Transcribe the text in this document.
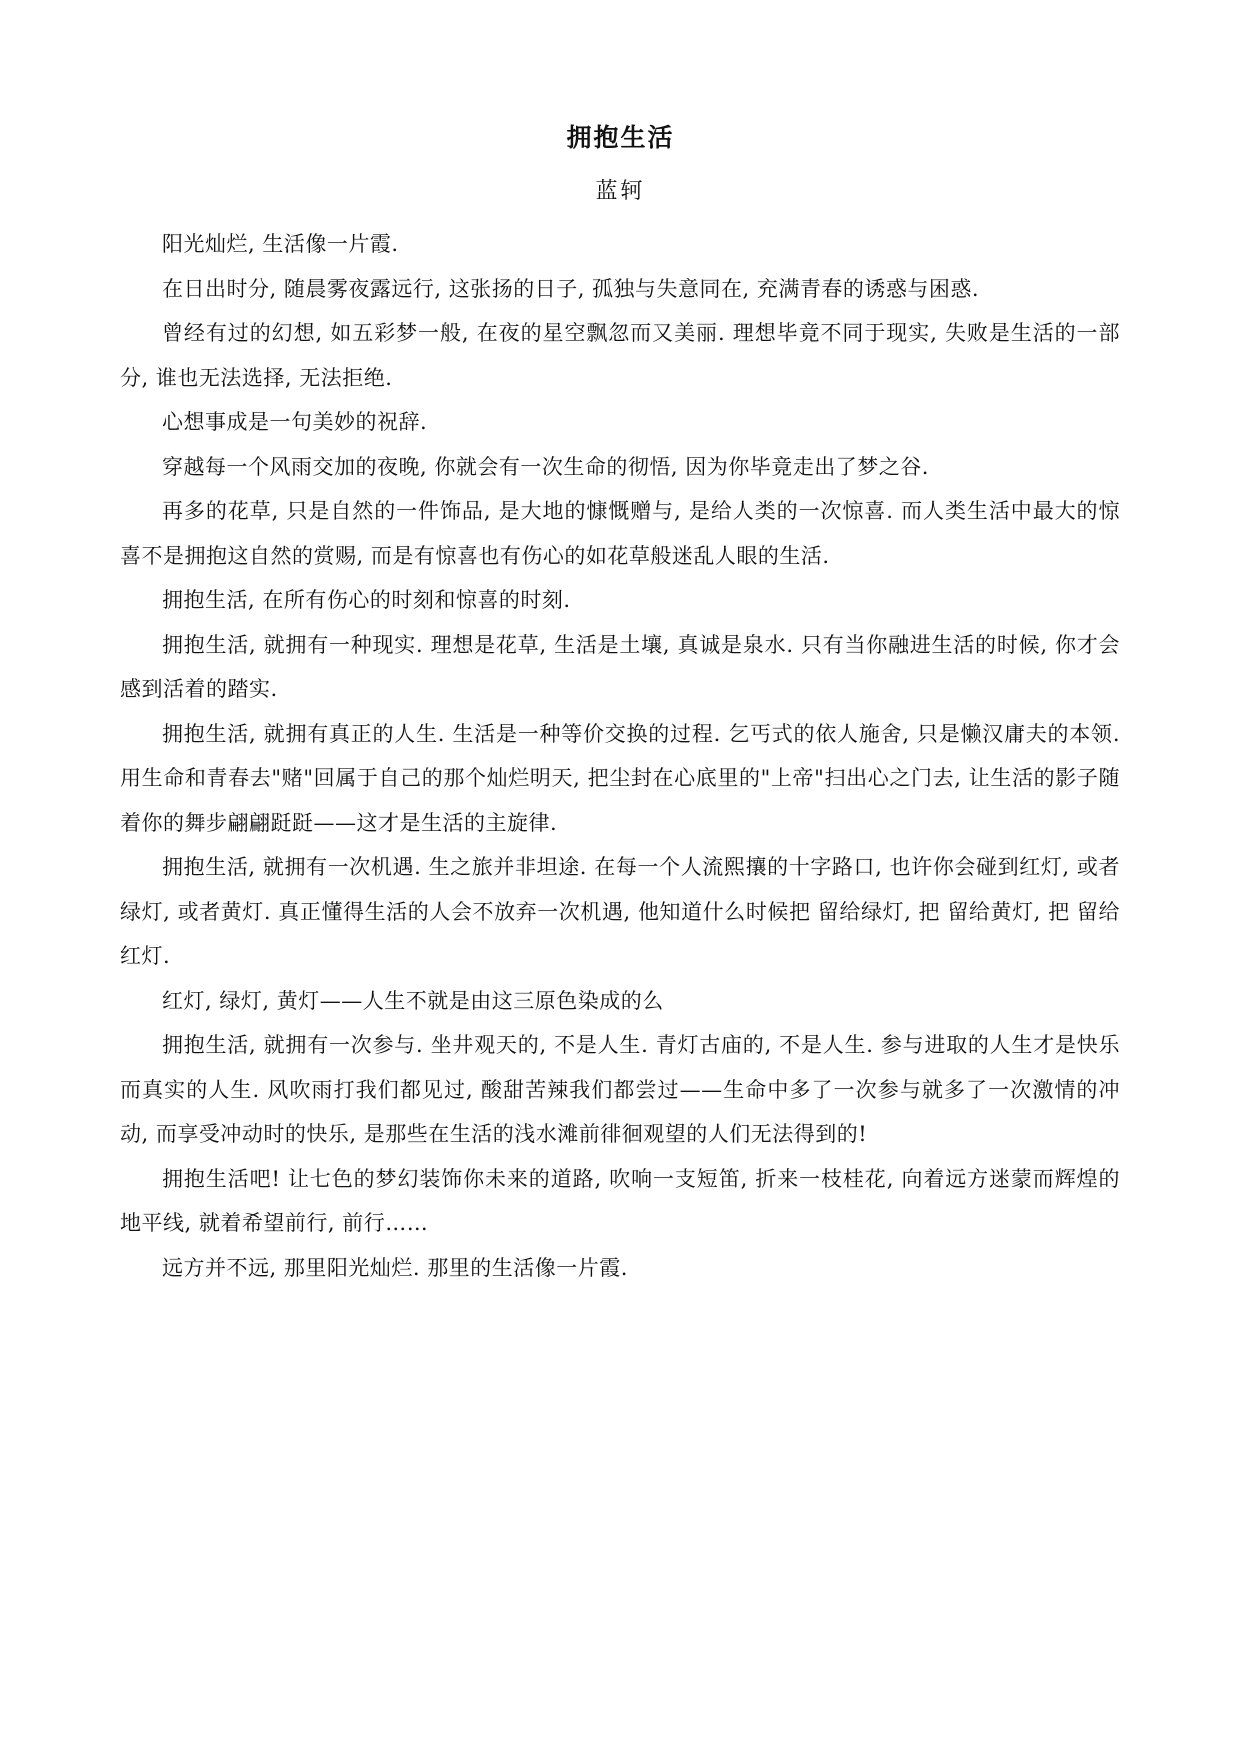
拥抱生活
蓝轲

阳光灿烂, 生活像一片霞.

在日出时分, 随晨雾夜露远行, 这张扬的日子, 孤独与失意同在, 充满青春的诱惑与困惑.

曾经有过的幻想, 如五彩梦一般, 在夜的星空飘忽而又美丽. 理想毕竟不同于现实, 失败是生活的一部分, 谁也无法选择, 无法拒绝.

心想事成是一句美妙的祝辞.

穿越每一个风雨交加的夜晚, 你就会有一次生命的彻悟, 因为你毕竟走出了梦之谷.

再多的花草, 只是自然的一件饰品, 是大地的慷慨赠与, 是给人类的一次惊喜. 而人类生活中最大的惊喜不是拥抱这自然的赏赐, 而是有惊喜也有伤心的如花草般迷乱人眼的生活.

拥抱生活, 在所有伤心的时刻和惊喜的时刻.

拥抱生活, 就拥有一种现实. 理想是花草, 生活是土壤, 真诚是泉水. 只有当你融进生活的时候, 你才会感到活着的踏实.

拥抱生活, 就拥有真正的人生. 生活是一种等价交换的过程. 乞丐式的依人施舍, 只是懒汉庸夫的本领. 用生命和青春去"赌"回属于自己的那个灿烂明天, 把尘封在心底里的"上帝"扫出心之门去, 让生活的影子随着你的舞步翩翩跹跹——这才是生活的主旋律.

拥抱生活, 就拥有一次机遇. 生之旅并非坦途. 在每一个人流熙攘的十字路口, 也许你会碰到红灯, 或者绿灯, 或者黄灯. 真正懂得生活的人会不放弃一次机遇, 他知道什么时候把 留给绿灯, 把 留给黄灯, 把 留给红灯.

红灯, 绿灯, 黄灯——人生不就是由这三原色染成的么

拥抱生活, 就拥有一次参与. 坐井观天的, 不是人生. 青灯古庙的, 不是人生. 参与进取的人生才是快乐而真实的人生. 风吹雨打我们都见过, 酸甜苦辣我们都尝过——生命中多了一次参与就多了一次激情的冲动, 而享受冲动时的快乐, 是那些在生活的浅水滩前徘徊观望的人们无法得到的!

拥抱生活吧! 让七色的梦幻装饰你未来的道路, 吹响一支短笛, 折来一枝桂花, 向着远方迷蒙而辉煌的地平线, 就着希望前行, 前行……

远方并不远, 那里阳光灿烂. 那里的生活像一片霞.
